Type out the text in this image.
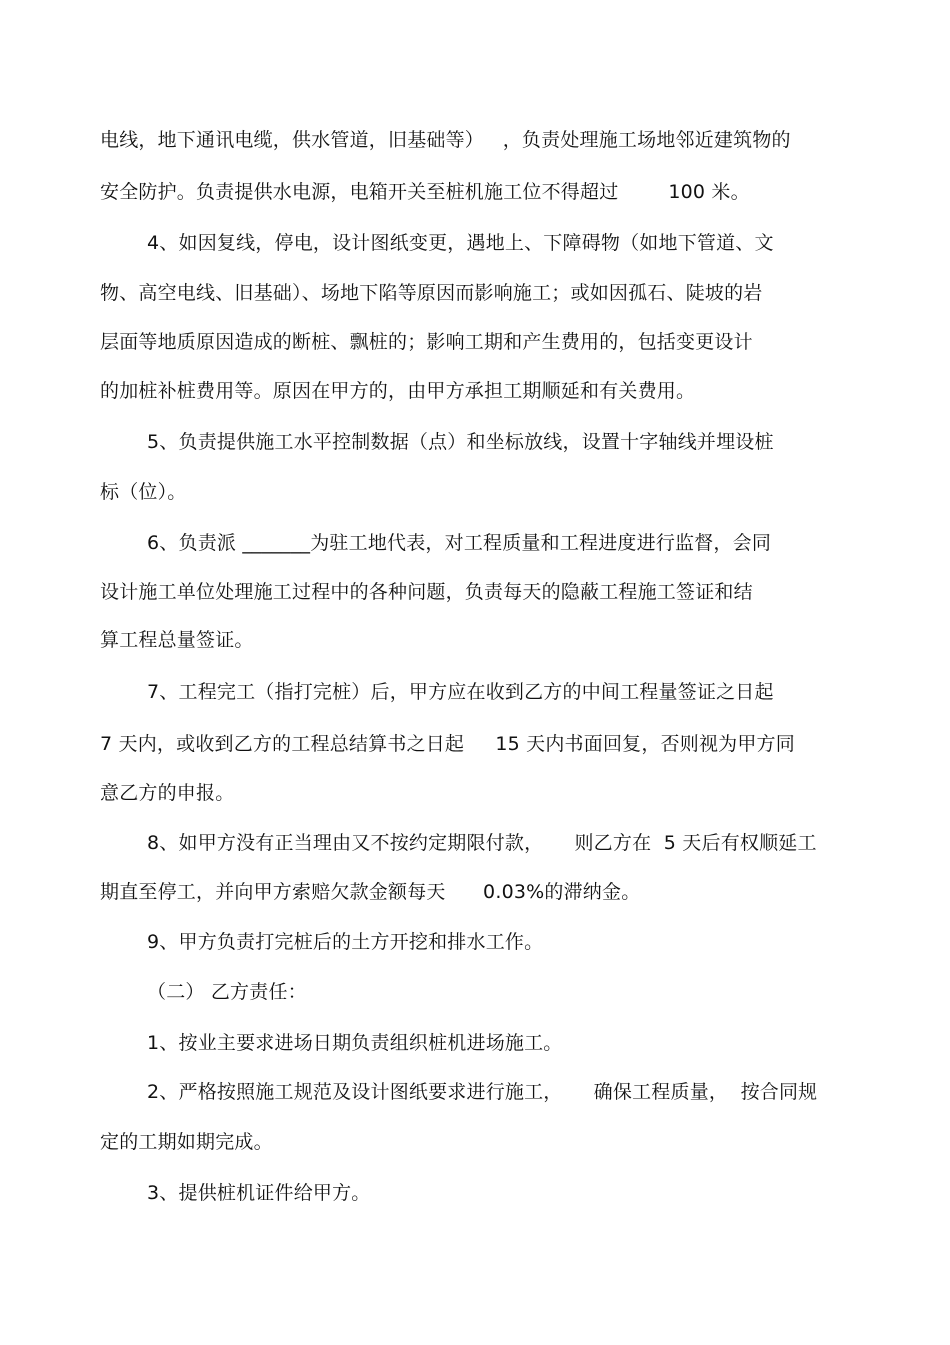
电线，地下通讯电缆，供水管道，旧基础等）   ，负责处理施工场地邻近建筑物的
安全防护。负责提供水电源，电箱开关至桩机施工位不得超过        100 米。
4、如因复线，停电，设计图纸变更，遇地上、下障碍物（如地下管道、文
物、高空电线、旧基础）、场地下陷等原因而影响施工；或如因孤石、陡坡的岩
层面等地质原因造成的断桩、飘桩的；影响工期和产生费用的，包括变更设计
的加桩补桩费用等。原因在甲方的，由甲方承担工期顺延和有关费用。
5、负责提供施工水平控制数据（点）和坐标放线，设置十字轴线并埋设桩
标（位）。
6、负责派 _______为驻工地代表，对工程质量和工程进度进行监督，会同
设计施工单位处理施工过程中的各种问题，负责每天的隐蔽工程施工签证和结
算工程总量签证。
7、工程完工（指打完桩）后，甲方应在收到乙方的中间工程量签证之日起
7 天内，或收到乙方的工程总结算书之日起     15 天内书面回复，否则视为甲方同
意乙方的申报。
8、如甲方没有正当理由又不按约定期限付款，     则乙方在  5 天后有权顺延工
期直至停工，并向甲方索赔欠款金额每天      0.03%的滞纳金。
9、甲方负责打完桩后的土方开挖和排水工作。
（二） 乙方责任：
1、按业主要求进场日期负责组织桩机进场施工。
2、严格按照施工规范及设计图纸要求进行施工，     确保工程质量，  按合同规
定的工期如期完成。
3、提供桩机证件给甲方。
